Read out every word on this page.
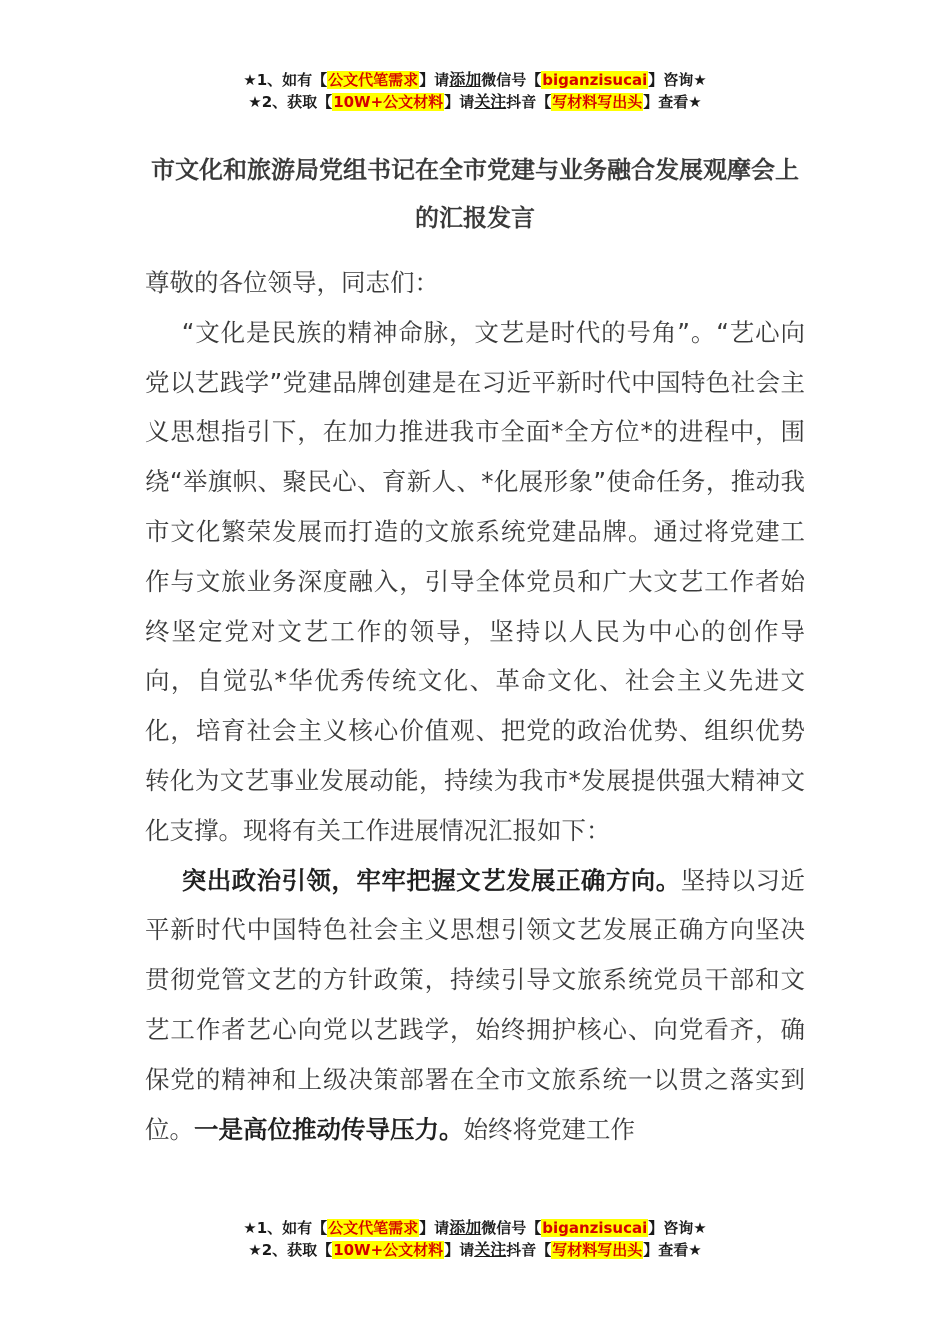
★1、如有【公文代笔需求】请添加微信号【biganzisucai】咨询★
★2、获取【10W+公文材料】请关注抖音【写材料写出头】查看★
市文化和旅游局党组书记在全市党建与业务融合发展观摩会上的汇报发言

尊敬的各位领导，同志们：

“文化是民族的精神命脉，文艺是时代的号角”。“艺心向党以艺践学”党建品牌创建是在习近平新时代中国特色社会主义思想指引下，在加力推进我市全面*全方位*的进程中，围绕“举旗帜、聚民心、育新人、*化展形象”使命任务，推动我市文化繁荣发展而打造的文旅系统党建品牌。通过将党建工作与文旅业务深度融入，引导全体党员和广大文艺工作者始终坚定党对文艺工作的领导，坚持以人民为中心的创作导向，自觉弘*华优秀传统文化、革命文化、社会主义先进文化，培育社会主义核心价值观、把党的政治优势、组织优势转化为文艺事业发展动能，持续为我市*发展提供强大精神文化支撑。现将有关工作进展情况汇报如下：

突出政治引领，牢牢把握文艺发展正确方向。坚持以习近平新时代中国特色社会主义思想引领文艺发展正确方向坚决贯彻党管文艺的方针政策，持续引导文旅系统党员干部和文艺工作者艺心向党以艺践学，始终拥护核心、向党看齐，确保党的精神和上级决策部署在全市文旅系统一以贯之落实到位。一是高位推动传导压力。始终将党建工作

★1、如有【公文代笔需求】请添加微信号【biganzisucai】咨询★
★2、获取【10W+公文材料】请关注抖音【写材料写出头】查看★
